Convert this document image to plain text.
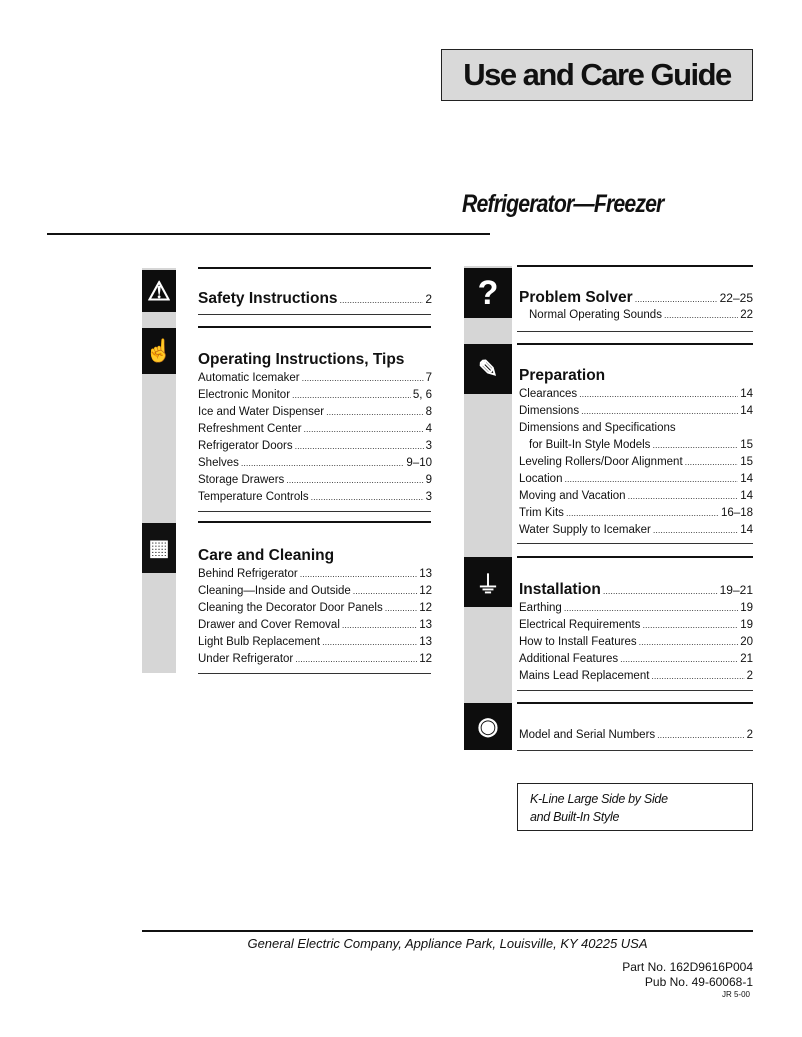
Use and Care Guide
Refrigerator—Freezer
⚠
☝
▦
?
✎
⏚
◉
Safety Instructions .....	2
Operating Instructions, Tips
Automatic Icemaker .....	7
Electronic Monitor .....	5, 6
Ice and Water Dispenser .....	8
Refreshment Center .....	4
Refrigerator Doors .....	3
Shelves .....	9–10
Storage Drawers .....	9
Temperature Controls .....	3
Care and Cleaning
Behind Refrigerator .....	13
Cleaning—Inside and Outside .....	12
Cleaning the Decorator Door Panels .....	12
Drawer and Cover Removal .....	13
Light Bulb Replacement .....	13
Under Refrigerator .....	12
Problem Solver .....	22–25
Normal Operating Sounds .....	22
Preparation
Clearances .....	14
Dimensions .....	14
Dimensions and Specifications
for Built-In Style Models .....	15
Leveling Rollers/Door Alignment .....	15
Location .....	14
Moving and Vacation .....	14
Trim Kits .....	16–18
Water Supply to Icemaker .....	14
Installation .....	19–21
Earthing .....	19
Electrical Requirements .....	19
How to Install Features .....	20
Additional Features .....	21
Mains Lead Replacement .....	2
Model and Serial Numbers .....	2
K-Line Large Side by Side
and Built-In Style
General Electric Company, Appliance Park, Louisville, KY 40225 USA
Part No. 162D9616P004
Pub No. 49-60068-1
JR 5-00
